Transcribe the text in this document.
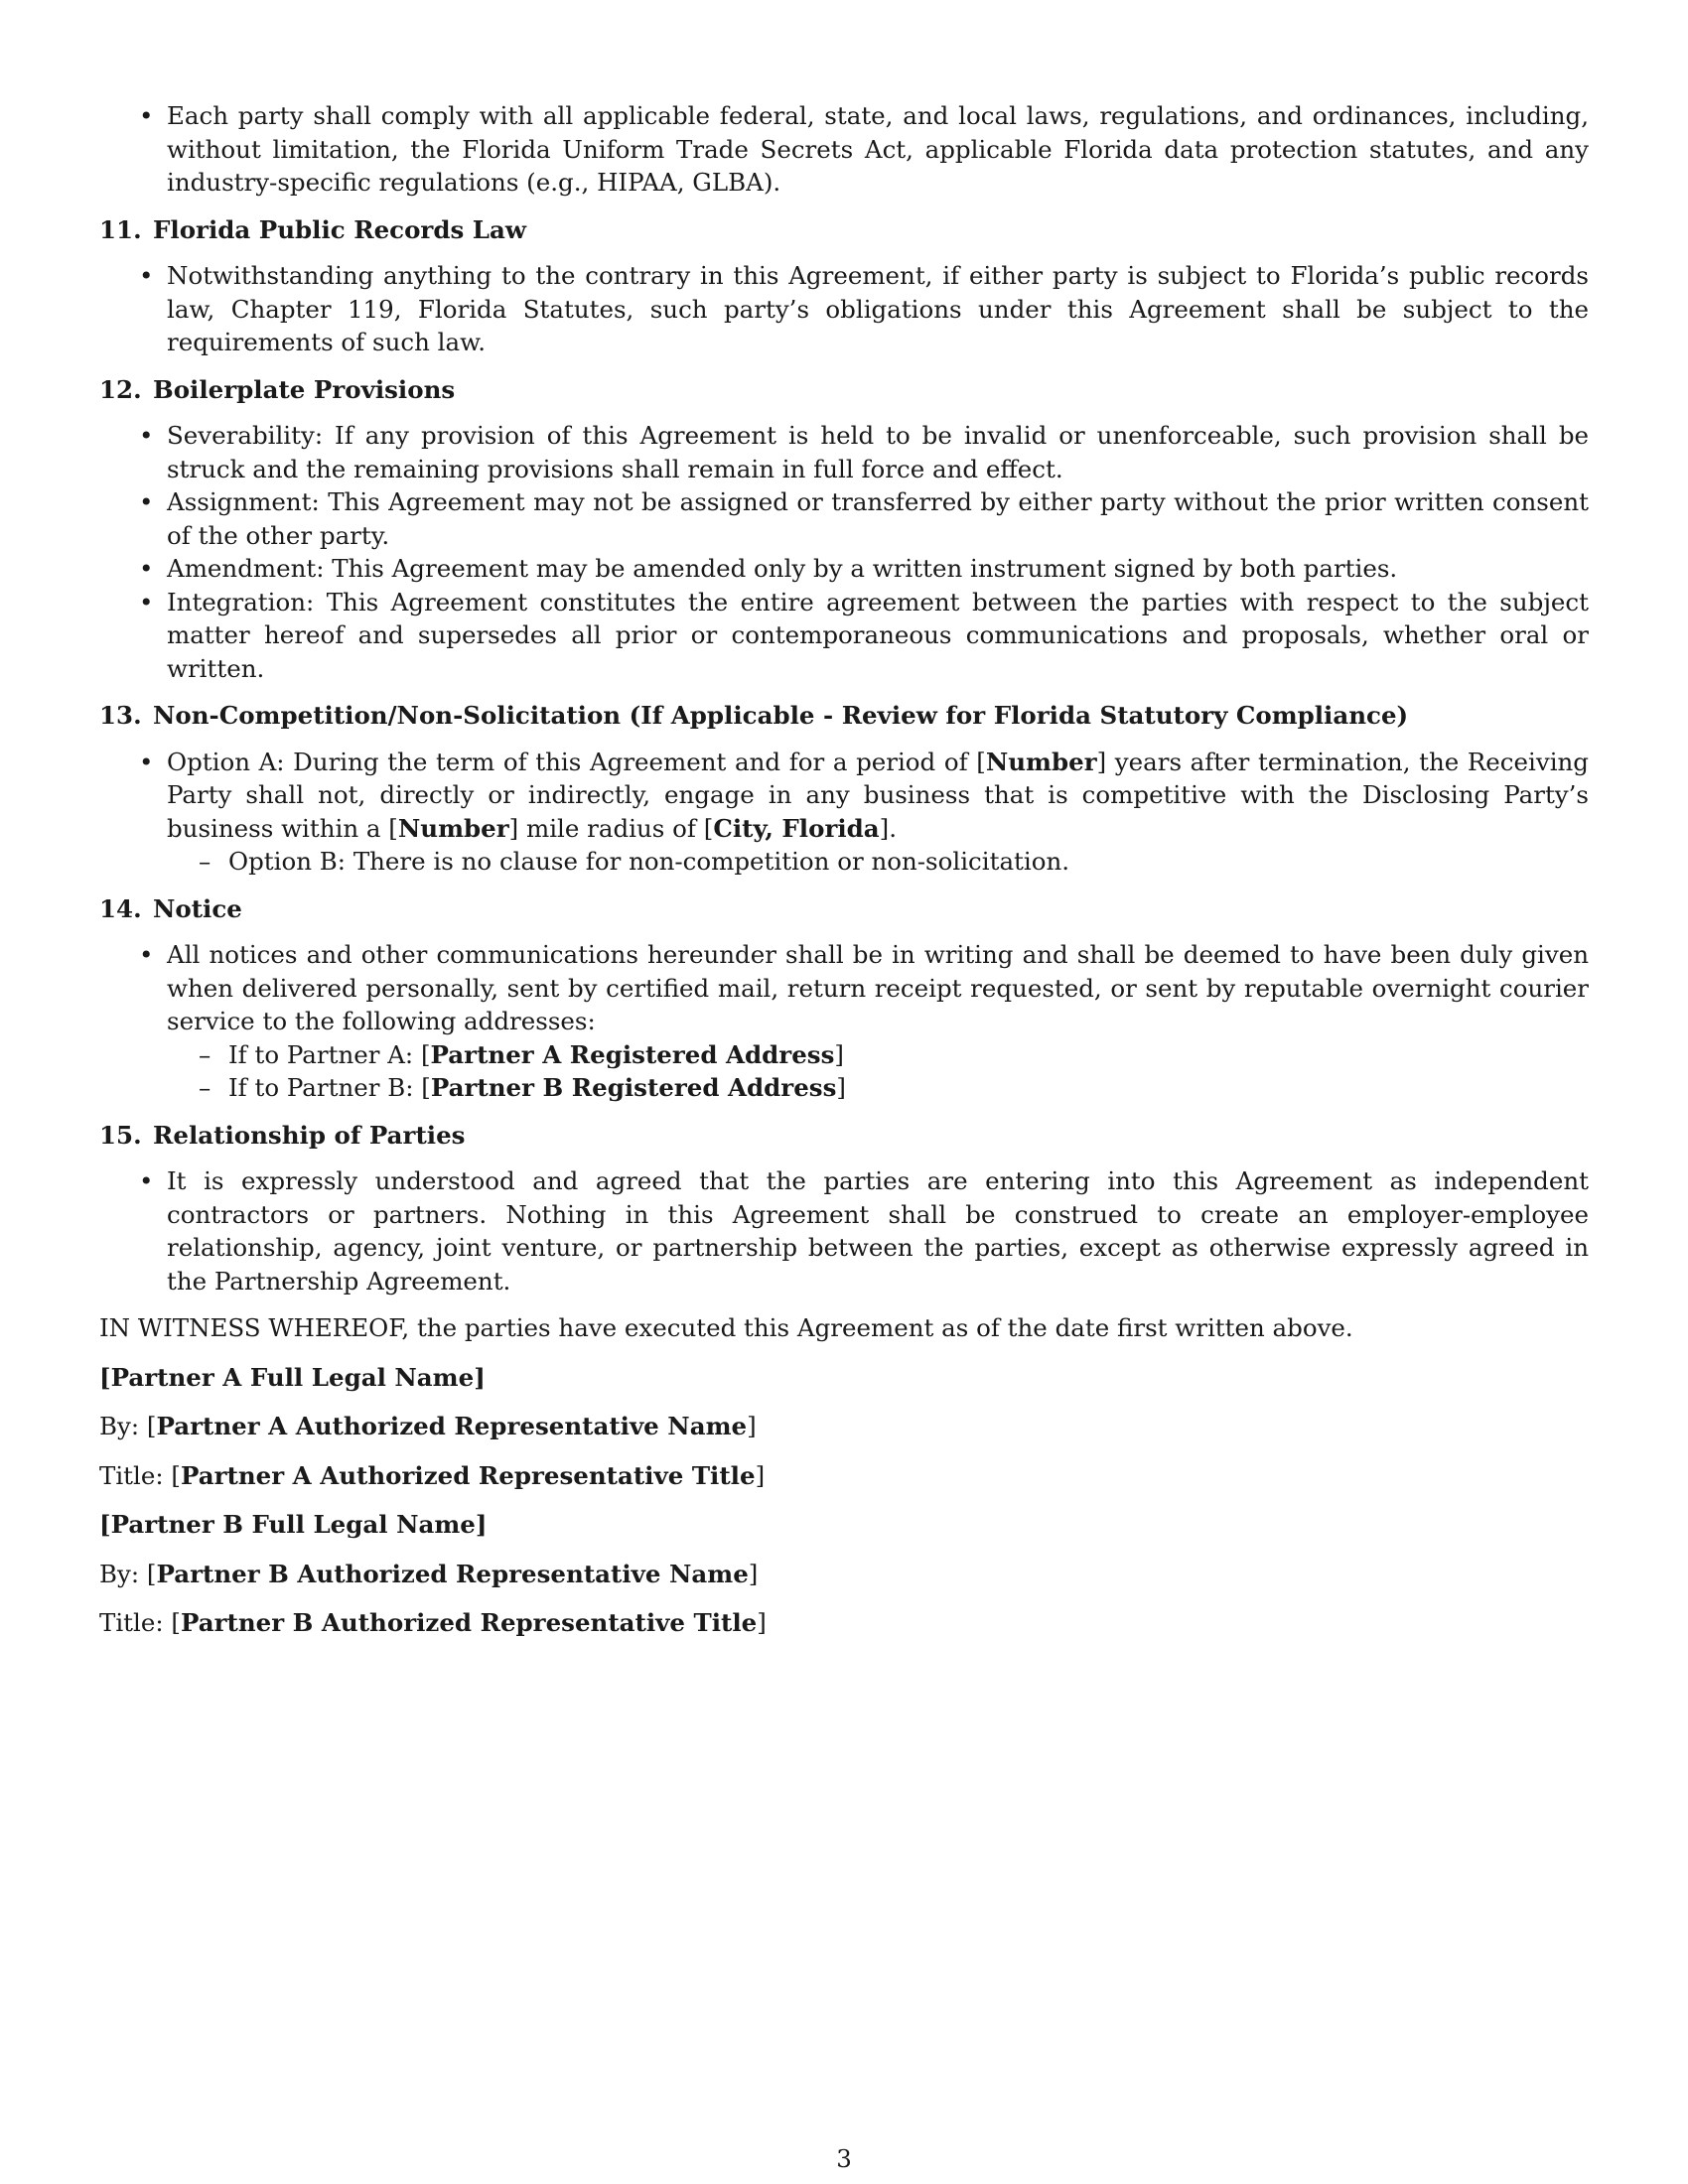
• Each party shall comply with all applicable federal, state, and local laws, regulations, and ordinances, including, without limitation, the Florida Uniform Trade Secrets Act, applicable Florida data protection statutes, and any industry-specific regulations (e.g., HIPAA, GLBA).
11. Florida Public Records Law
• Notwithstanding anything to the contrary in this Agreement, if either party is subject to Florida’s public records law, Chapter 119, Florida Statutes, such party’s obligations under this Agreement shall be subject to the requirements of such law.
12. Boilerplate Provisions
• Severability: If any provision of this Agreement is held to be invalid or unenforceable, such provision shall be struck and the remaining provisions shall remain in full force and effect.
• Assignment: This Agreement may not be assigned or transferred by either party without the prior written consent of the other party.
• Amendment: This Agreement may be amended only by a written instrument signed by both parties.
• Integration: This Agreement constitutes the entire agreement between the parties with respect to the subject matter hereof and supersedes all prior or contemporaneous communications and proposals, whether oral or written.
13. Non-Competition/Non-Solicitation (If Applicable - Review for Florida Statutory Compliance)
• Option A: During the term of this Agreement and for a period of [Number] years after termination, the Receiving Party shall not, directly or indirectly, engage in any business that is competitive with the Disclosing Party’s business within a [Number] mile radius of [City, Florida].
– Option B: There is no clause for non-competition or non-solicitation.
14. Notice
• All notices and other communications hereunder shall be in writing and shall be deemed to have been duly given when delivered personally, sent by certified mail, return receipt requested, or sent by reputable overnight courier service to the following addresses:
– If to Partner A: [Partner A Registered Address]
– If to Partner B: [Partner B Registered Address]
15. Relationship of Parties
• It is expressly understood and agreed that the parties are entering into this Agreement as independent contractors or partners. Nothing in this Agreement shall be construed to create an employer-employee relationship, agency, joint venture, or partnership between the parties, except as otherwise expressly agreed in the Partnership Agreement.

IN WITNESS WHEREOF, the parties have executed this Agreement as of the date first written above.

[Partner A Full Legal Name]
By: [Partner A Authorized Representative Name]
Title: [Partner A Authorized Representative Title]
[Partner B Full Legal Name]
By: [Partner B Authorized Representative Name]
Title: [Partner B Authorized Representative Title]
3
